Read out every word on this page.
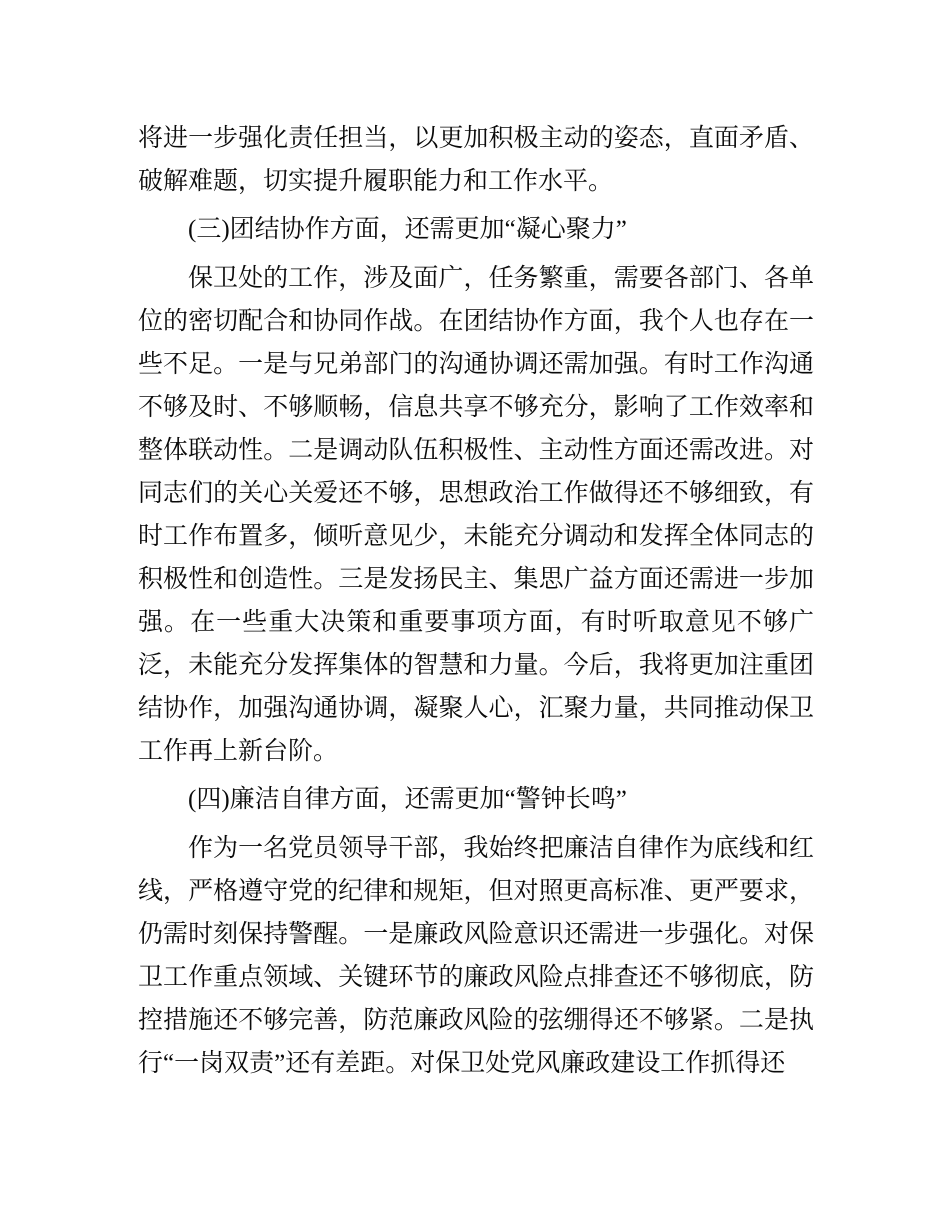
将进一步强化责任担当，以更加积极主动的姿态，直面矛盾、破解难题，切实提升履职能力和工作水平。

(三)团结协作方面，还需更加“凝心聚力”

保卫处的工作，涉及面广，任务繁重，需要各部门、各单位的密切配合和协同作战。在团结协作方面，我个人也存在一些不足。一是与兄弟部门的沟通协调还需加强。有时工作沟通不够及时、不够顺畅，信息共享不够充分，影响了工作效率和整体联动性。二是调动队伍积极性、主动性方面还需改进。对同志们的关心关爱还不够，思想政治工作做得还不够细致，有时工作布置多，倾听意见少，未能充分调动和发挥全体同志的积极性和创造性。三是发扬民主、集思广益方面还需进一步加强。在一些重大决策和重要事项方面，有时听取意见不够广泛，未能充分发挥集体的智慧和力量。今后，我将更加注重团结协作，加强沟通协调，凝聚人心，汇聚力量，共同推动保卫工作再上新台阶。

(四)廉洁自律方面，还需更加“警钟长鸣”

作为一名党员领导干部，我始终把廉洁自律作为底线和红线，严格遵守党的纪律和规矩，但对照更高标准、更严要求，仍需时刻保持警醒。一是廉政风险意识还需进一步强化。对保卫工作重点领域、关键环节的廉政风险点排查还不够彻底，防控措施还不够完善，防范廉政风险的弦绷得还不够紧。二是执行“一岗双责”还有差距。对保卫处党风廉政建设工作抓得还
